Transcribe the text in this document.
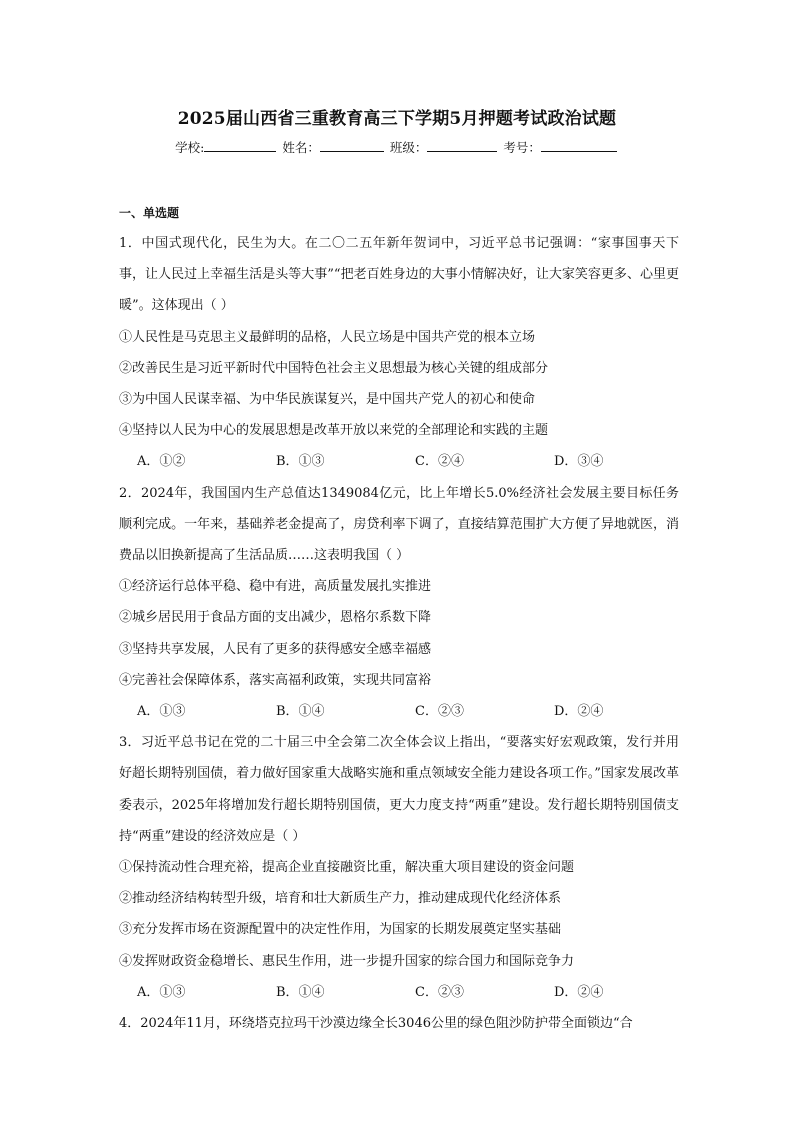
2025届山西省三重教育高三下学期5月押题考试政治试题
学校:	姓名：	班级：	考号：
一、单选题
1．中国式现代化，民生为大。在二〇二五年新年贺词中，习近平总书记强调：“家事国事天下事，让人民过上幸福生活是头等大事”“把老百姓身边的大事小情解决好，让大家笑容更多、心里更暖”。这体现出（ ）
①人民性是马克思主义最鲜明的品格，人民立场是中国共产党的根本立场
②改善民生是习近平新时代中国特色社会主义思想最为核心关键的组成部分
③为中国人民谋幸福、为中华民族谋复兴，是中国共产党人的初心和使命
④坚持以人民为中心的发展思想是改革开放以来党的全部理论和实践的主题
A．①②	B．①③	C．②④	D．③④
2．2024年，我国国内生产总值达1349084亿元，比上年增长5.0%经济社会发展主要目标任务顺利完成。一年来，基础养老金提高了，房贷利率下调了，直接结算范围扩大方便了异地就医，消费品以旧换新提高了生活品质……这表明我国（ ）
①经济运行总体平稳、稳中有进，高质量发展扎实推进
②城乡居民用于食品方面的支出减少，恩格尔系数下降
③坚持共享发展，人民有了更多的获得感安全感幸福感
④完善社会保障体系，落实高福利政策，实现共同富裕
A．①③	B．①④	C．②③	D．②④
3．习近平总书记在党的二十届三中全会第二次全体会议上指出，“要落实好宏观政策，发行并用好超长期特别国债，着力做好国家重大战略实施和重点领域安全能力建设各项工作。”国家发展改革委表示，2025年将增加发行超长期特别国债，更大力度支持“两重”建设。发行超长期特别国债支持“两重”建设的经济效应是（ ）
①保持流动性合理充裕，提高企业直接融资比重，解决重大项目建设的资金问题
②推动经济结构转型升级，培育和壮大新质生产力，推动建成现代化经济体系
③充分发挥市场在资源配置中的决定性作用，为国家的长期发展奠定坚实基础
④发挥财政资金稳增长、惠民生作用，进一步提升国家的综合国力和国际竞争力
A．①③	B．①④	C．②③	D．②④
4．2024年11月，环绕塔克拉玛干沙漠边缘全长3046公里的绿色阻沙防护带全面锁边“合
